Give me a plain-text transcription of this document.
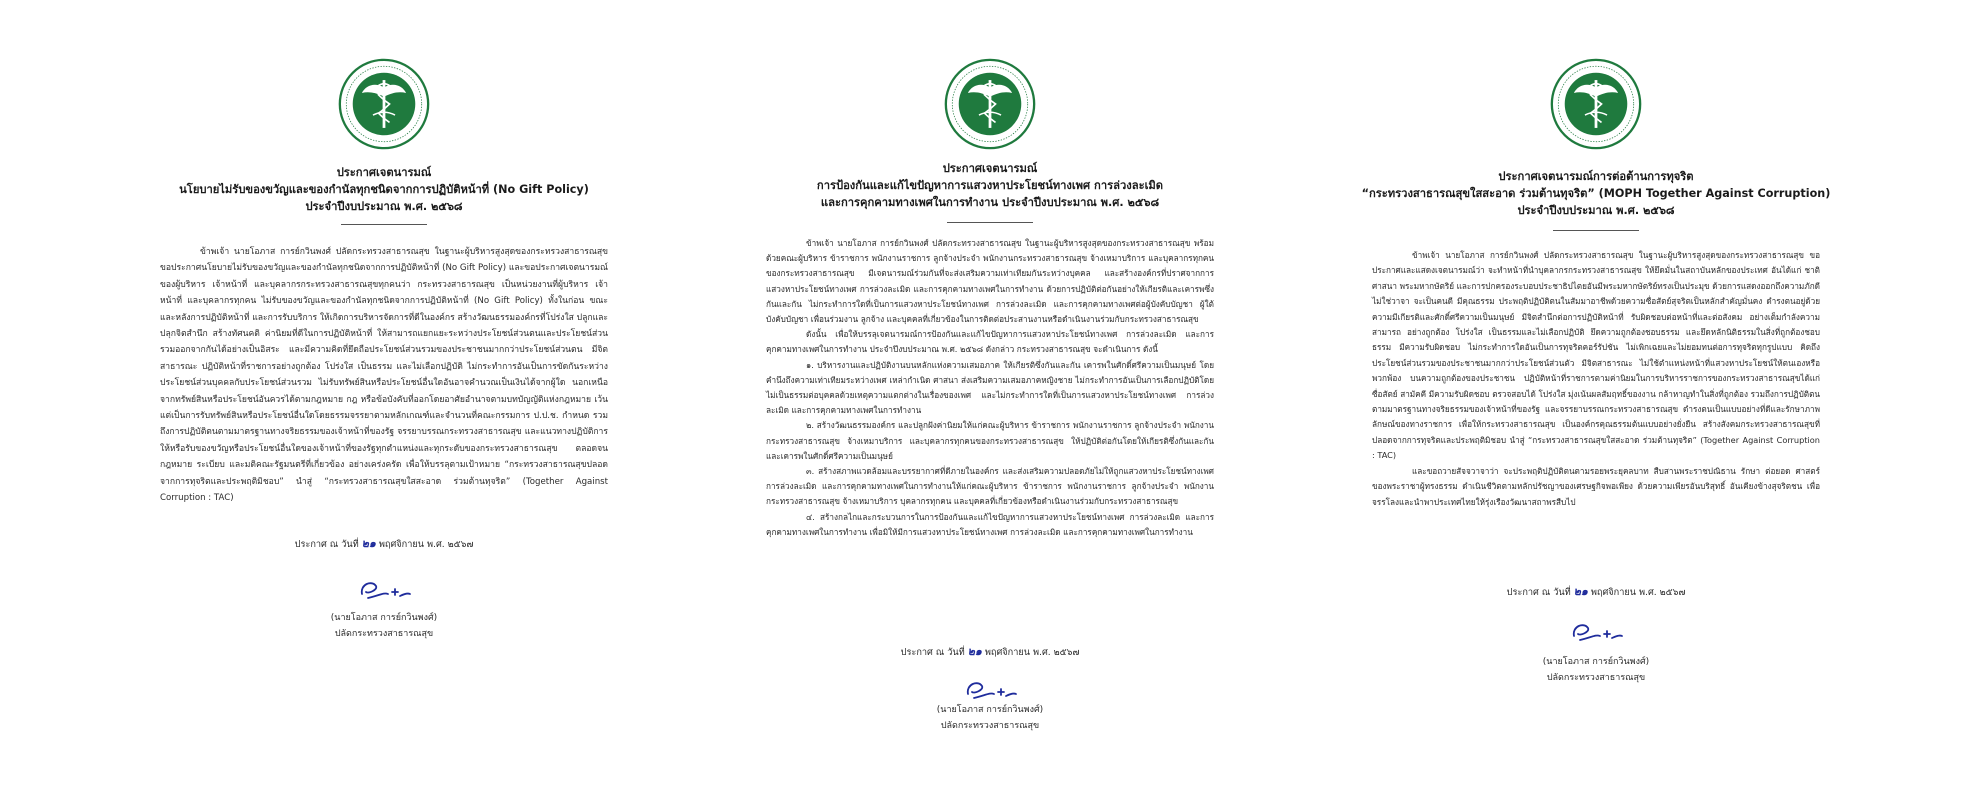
ประกาศเจตนารมณ์
นโยบายไม่รับของขวัญและของกำนัลทุกชนิดจากการปฏิบัติหน้าที่ (No Gift Policy)
ประจำปีงบประมาณ พ.ศ. ๒๕๖๘

ข้าพเจ้า นายโอภาส การย์กวินพงศ์ ปลัดกระทรวงสาธารณสุข ในฐานะผู้บริหารสูงสุดของกระทรวงสาธารณสุข ขอประกาศนโยบายไม่รับของขวัญและของกำนัลทุกชนิดจากการปฏิบัติหน้าที่ (No Gift Policy) และขอประกาศเจตนารมณ์ของผู้บริหาร เจ้าหน้าที่ และบุคลากรกระทรวงสาธารณสุขทุกคนว่า กระทรวงสาธารณสุข เป็นหน่วยงานที่ผู้บริหาร เจ้าหน้าที่ และบุคลากรทุกคน ไม่รับของขวัญและของกำนัลทุกชนิดจากการปฏิบัติหน้าที่ (No Gift Policy) ทั้งในก่อน ขณะ และหลังการปฏิบัติหน้าที่ และการรับบริการ ให้เกิดการบริหารจัดการที่ดีในองค์กร สร้างวัฒนธรรมองค์กรที่โปร่งใส ปลูกและปลุกจิตสำนึก สร้างทัศนคติ ค่านิยมที่ดีในการปฏิบัติหน้าที่ ให้สามารถแยกแยะระหว่างประโยชน์ส่วนตนและประโยชน์ส่วนรวมออกจากกันได้อย่างเป็นอิสระ และมีความคิดที่ยึดถือประโยชน์ส่วนรวมของประชาชนมากกว่าประโยชน์ส่วนตน มีจิตสาธารณะ ปฏิบัติหน้าที่ราชการอย่างถูกต้อง โปร่งใส เป็นธรรม และไม่เลือกปฏิบัติ ไม่กระทำการอันเป็นการขัดกันระหว่างประโยชน์ส่วนบุคคลกับประโยชน์ส่วนรวม ไม่รับทรัพย์สินหรือประโยชน์อื่นใดอันอาจคำนวณเป็นเงินได้จากผู้ใด นอกเหนือจากทรัพย์สินหรือประโยชน์อันควรได้ตามกฎหมาย กฎ หรือข้อบังคับที่ออกโดยอาศัยอำนาจตามบทบัญญัติแห่งกฎหมาย เว้นแต่เป็นการรับทรัพย์สินหรือประโยชน์อื่นใดโดยธรรมจรรยาตามหลักเกณฑ์และจำนวนที่คณะกรรมการ ป.ป.ช. กำหนด รวมถึงการปฏิบัติตนตามมาตรฐานทางจริยธรรมของเจ้าหน้าที่ของรัฐ จรรยาบรรณกระทรวงสาธารณสุข และแนวทางปฏิบัติการให้หรือรับของขวัญหรือประโยชน์อื่นใดของเจ้าหน้าที่ของรัฐทุกตำแหน่งและทุกระดับของกระทรวงสาธารณสุข ตลอดจนกฎหมาย ระเบียบ และมติคณะรัฐมนตรีที่เกี่ยวข้อง อย่างเคร่งครัด เพื่อให้บรรลุตามเป้าหมาย “กระทรวงสาธารณสุขปลอดจากการทุจริตและประพฤติมิชอบ” นำสู่ “กระทรวงสาธารณสุขใสสะอาด ร่วมต้านทุจริต” (Together Against Corruption : TAC)

ประกาศ ณ วันที่ ๒๑ พฤศจิกายน พ.ศ. ๒๕๖๗
(นายโอภาส การย์กวินพงศ์)
ปลัดกระทรวงสาธารณสุข
ประกาศเจตนารมณ์
การป้องกันและแก้ไขปัญหาการแสวงหาประโยชน์ทางเพศ การล่วงละเมิด
และการคุกคามทางเพศในการทำงาน ประจำปีงบประมาณ พ.ศ. ๒๕๖๘

ข้าพเจ้า นายโอภาส การย์กวินพงศ์ ปลัดกระทรวงสาธารณสุข ในฐานะผู้บริหารสูงสุดของกระทรวงสาธารณสุข พร้อมด้วยคณะผู้บริหาร ข้าราชการ พนักงานราชการ ลูกจ้างประจำ พนักงานกระทรวงสาธารณสุข จ้างเหมาบริการ และบุคลากรทุกคนของกระทรวงสาธารณสุข มีเจตนารมณ์ร่วมกันที่จะส่งเสริมความเท่าเทียมกันระหว่างบุคคล และสร้างองค์กรที่ปราศจากการแสวงหาประโยชน์ทางเพศ การล่วงละเมิด และการคุกคามทางเพศในการทำงาน ด้วยการปฏิบัติต่อกันอย่างให้เกียรติและเคารพซึ่งกันและกัน ไม่กระทำการใดที่เป็นการแสวงหาประโยชน์ทางเพศ การล่วงละเมิด และการคุกคามทางเพศต่อผู้บังคับบัญชา ผู้ใต้บังคับบัญชา เพื่อนร่วมงาน ลูกจ้าง และบุคคลที่เกี่ยวข้องในการติดต่อประสานงานหรือดำเนินงานร่วมกับกระทรวงสาธารณสุข

ดังนั้น เพื่อให้บรรลุเจตนารมณ์การป้องกันและแก้ไขปัญหาการแสวงหาประโยชน์ทางเพศ การล่วงละเมิด และการคุกคามทางเพศในการทำงาน ประจำปีงบประมาณ พ.ศ. ๒๕๖๘ ดังกล่าว กระทรวงสาธารณสุข จะดำเนินการ ดังนี้

๑. บริหารงานและปฏิบัติงานบนหลักแห่งความเสมอภาค ให้เกียรติซึ่งกันและกัน เคารพในศักดิ์ศรีความเป็นมนุษย์ โดยคำนึงถึงความเท่าเทียมระหว่างเพศ เหล่ากำเนิด ศาสนา ส่งเสริมความเสมอภาคหญิงชาย ไม่กระทำการอันเป็นการเลือกปฏิบัติโดยไม่เป็นธรรมต่อบุคคลด้วยเหตุความแตกต่างในเรื่องของเพศ และไม่กระทำการใดที่เป็นการแสวงหาประโยชน์ทางเพศ การล่วงละเมิด และการคุกคามทางเพศในการทำงาน

๒. สร้างวัฒนธรรมองค์กร และปลูกฝังค่านิยมให้แก่คณะผู้บริหาร ข้าราชการ พนักงานราชการ ลูกจ้างประจำ พนักงานกระทรวงสาธารณสุข จ้างเหมาบริการ และบุคลากรทุกคนของกระทรวงสาธารณสุข ให้ปฏิบัติต่อกันโดยให้เกียรติซึ่งกันและกัน และเคารพในศักดิ์ศรีความเป็นมนุษย์

๓. สร้างสภาพแวดล้อมและบรรยากาศที่ดีภายในองค์กร และส่งเสริมความปลอดภัยไม่ให้ถูกแสวงหาประโยชน์ทางเพศ การล่วงละเมิด และการคุกคามทางเพศในการทำงานให้แก่คณะผู้บริหาร ข้าราชการ พนักงานราชการ ลูกจ้างประจำ พนักงานกระทรวงสาธารณสุข จ้างเหมาบริการ บุคลากรทุกคน และบุคคลที่เกี่ยวข้องหรือดำเนินงานร่วมกับกระทรวงสาธารณสุข

๔. สร้างกลไกและกระบวนการในการป้องกันและแก้ไขปัญหาการแสวงหาประโยชน์ทางเพศ การล่วงละเมิด และการคุกคามทางเพศในการทำงาน เพื่อมิให้มีการแสวงหาประโยชน์ทางเพศ การล่วงละเมิด และการคุกคามทางเพศในการทำงาน

ประกาศ ณ วันที่ ๒๑ พฤศจิกายน พ.ศ. ๒๕๖๗
(นายโอภาส การย์กวินพงศ์)
ปลัดกระทรวงสาธารณสุข
ประกาศเจตนารมณ์การต่อต้านการทุจริต
“กระทรวงสาธารณสุขใสสะอาด ร่วมต้านทุจริต” (MOPH Together Against Corruption)
ประจำปีงบประมาณ พ.ศ. ๒๕๖๘

ข้าพเจ้า นายโอภาส การย์กวินพงศ์ ปลัดกระทรวงสาธารณสุข ในฐานะผู้บริหารสูงสุดของกระทรวงสาธารณสุข ขอประกาศและแสดงเจตนารมณ์ว่า จะทำหน้าที่นำบุคลากรกระทรวงสาธารณสุข ให้ยึดมั่นในสถาบันหลักของประเทศ อันได้แก่ ชาติ ศาสนา พระมหากษัตริย์ และการปกครองระบอบประชาธิปไตยอันมีพระมหากษัตริย์ทรงเป็นประมุข ด้วยการแสดงออกถึงความภักดีไม่ใช่วาจา จะเป็นคนดี มีคุณธรรม ประพฤติปฏิบัติตนในสัมมาอาชีพด้วยความซื่อสัตย์สุจริตเป็นหลักสำคัญมั่นคง ดำรงตนอยู่ด้วยความมีเกียรติและศักดิ์ศรีความเป็นมนุษย์ มีจิตสำนึกต่อการปฏิบัติหน้าที่ รับผิดชอบต่อหน้าที่และต่อสังคม อย่างเต็มกำลังความสามารถ อย่างถูกต้อง โปร่งใส เป็นธรรมและไม่เลือกปฏิบัติ ยึดความถูกต้องชอบธรรม และยึดหลักนิติธรรมในสิ่งที่ถูกต้องชอบธรรม มีความรับผิดชอบ ไม่กระทำการใดอันเป็นการทุจริตคอร์รัปชัน ไม่เพิกเฉยและไม่ยอมทนต่อการทุจริตทุกรูปแบบ คิดถึงประโยชน์ส่วนรวมของประชาชนมากกว่าประโยชน์ส่วนตัว มีจิตสาธารณะ ไม่ใช้ตำแหน่งหน้าที่แสวงหาประโยชน์ให้ตนเองหรือพวกพ้อง บนความถูกต้องของประชาชน ปฏิบัติหน้าที่ราชการตามค่านิยมในการบริหารราชการของกระทรวงสาธารณสุขได้แก่ ซื่อสัตย์ สามัคคี มีความรับผิดชอบ ตรวจสอบได้ โปร่งใส มุ่งเน้นผลสัมฤทธิ์ของงาน กล้าหาญทำในสิ่งที่ถูกต้อง รวมถึงการปฏิบัติตนตามมาตรฐานทางจริยธรรมของเจ้าหน้าที่ของรัฐ และจรรยาบรรณกระทรวงสาธารณสุข ดำรงตนเป็นแบบอย่างที่ดีและรักษาภาพลักษณ์ของทางราชการ เพื่อให้กระทรวงสาธารณสุข เป็นองค์กรคุณธรรมต้นแบบอย่างยั่งยืน สร้างสังคมกระทรวงสาธารณสุขที่ปลอดจากการทุจริตและประพฤติมิชอบ นำสู่ “กระทรวงสาธารณสุขใสสะอาด ร่วมต้านทุจริต” (Together Against Corruption : TAC)

และขอถวายสัจจวาจาว่า จะประพฤติปฏิบัติตนตามรอยพระยุคลบาท สืบสานพระราชปณิธาน รักษา ต่อยอด ศาสตร์ของพระราชาผู้ทรงธรรม ดำเนินชีวิตตามหลักปรัชญาของเศรษฐกิจพอเพียง ด้วยความเพียรอันบริสุทธิ์ อันเคียงข้างสุจริตชน เพื่อจรรโลงและนำพาประเทศไทยให้รุ่งเรืองวัฒนาสถาพรสืบไป

ประกาศ ณ วันที่ ๒๑ พฤศจิกายน พ.ศ. ๒๕๖๗
(นายโอภาส การย์กวินพงศ์)
ปลัดกระทรวงสาธารณสุข
